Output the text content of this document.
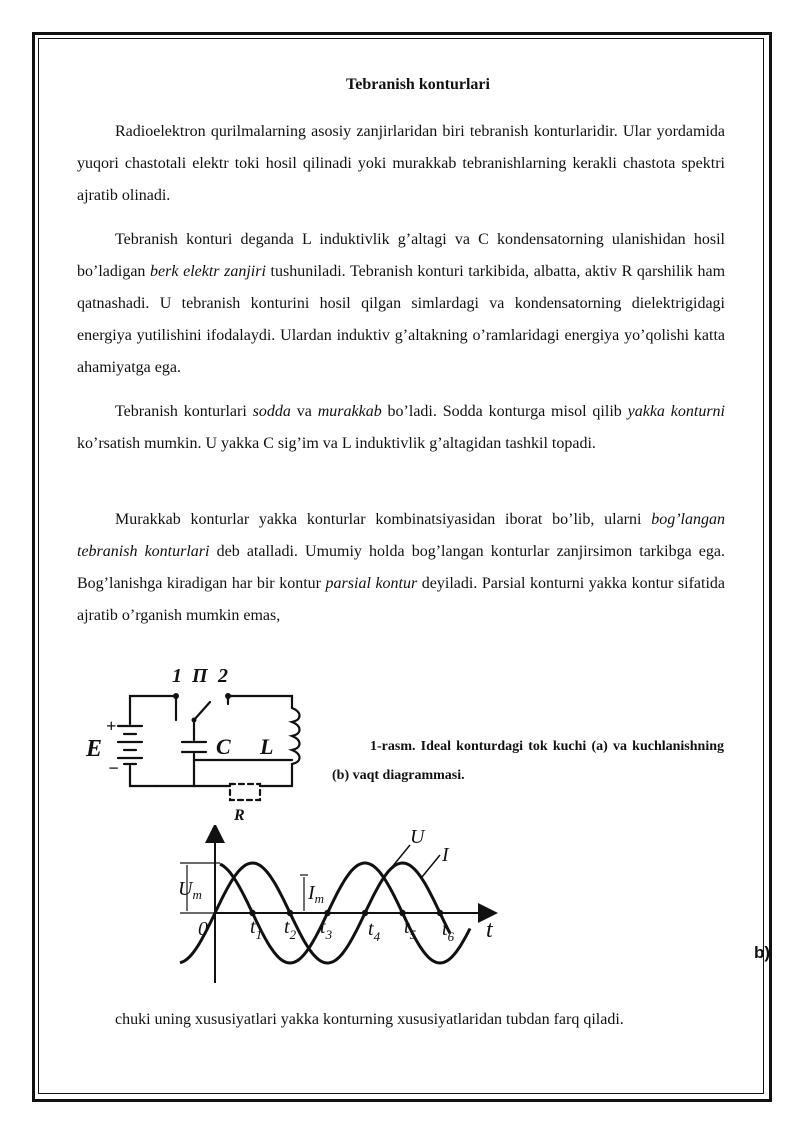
Tebranish konturlari

Radioelektron qurilmalarning asosiy zanjirlaridan biri tebranish konturlaridir. Ular yordamida yuqori chastotali elektr toki hosil qilinadi yoki murakkab tebranishlarning kerakli chastota spektri ajratib olinadi.

Tebranish konturi deganda L induktivlik g’altagi va C kondensatorning ulanishidan hosil bo’ladigan berk elektr zanjiri tushuniladi. Tebranish konturi tarkibida, albatta, aktiv R qarshilik ham qatnashadi. U tebranish konturini hosil qilgan simlardagi va kondensatorning dielektrigidagi energiya yutilishini ifodalaydi. Ulardan induktiv g’altakning o’ramlaridagi energiya yo’qolishi katta ahamiyatga ega.

Tebranish konturlari sodda va murakkab bo’ladi. Sodda konturga misol qilib yakka konturni ko’rsatish mumkin. U yakka C sig’im va L induktivlik g’altagidan tashkil topadi.

Murakkab konturlar yakka konturlar kombinatsiyasidan iborat bo’lib, ularni bog’langan tebranish konturlari deb atalladi. Umumiy holda bog’langan konturlar zanjirsimon tarkibga ega. Bog’lanishga kiradigan har bir kontur parsial kontur deyiladi. Parsial konturni yakka kontur sifatida ajratib o’rganish mumkin emas,

1 П 2
+
−
E	C L
R
1-rasm. Ideal konturdagi tok kuchi (a) va kuchlanishning (b) vaqt diagrammasi.
U
I
$U_m$	$I_m$
0	t
$t_1$ $t_2$ $t_3$ $t_4$ $t_5$ $t_6$
b)

chuki uning xususiyatlari yakka konturning xususiyatlaridan tubdan farq qiladi.
